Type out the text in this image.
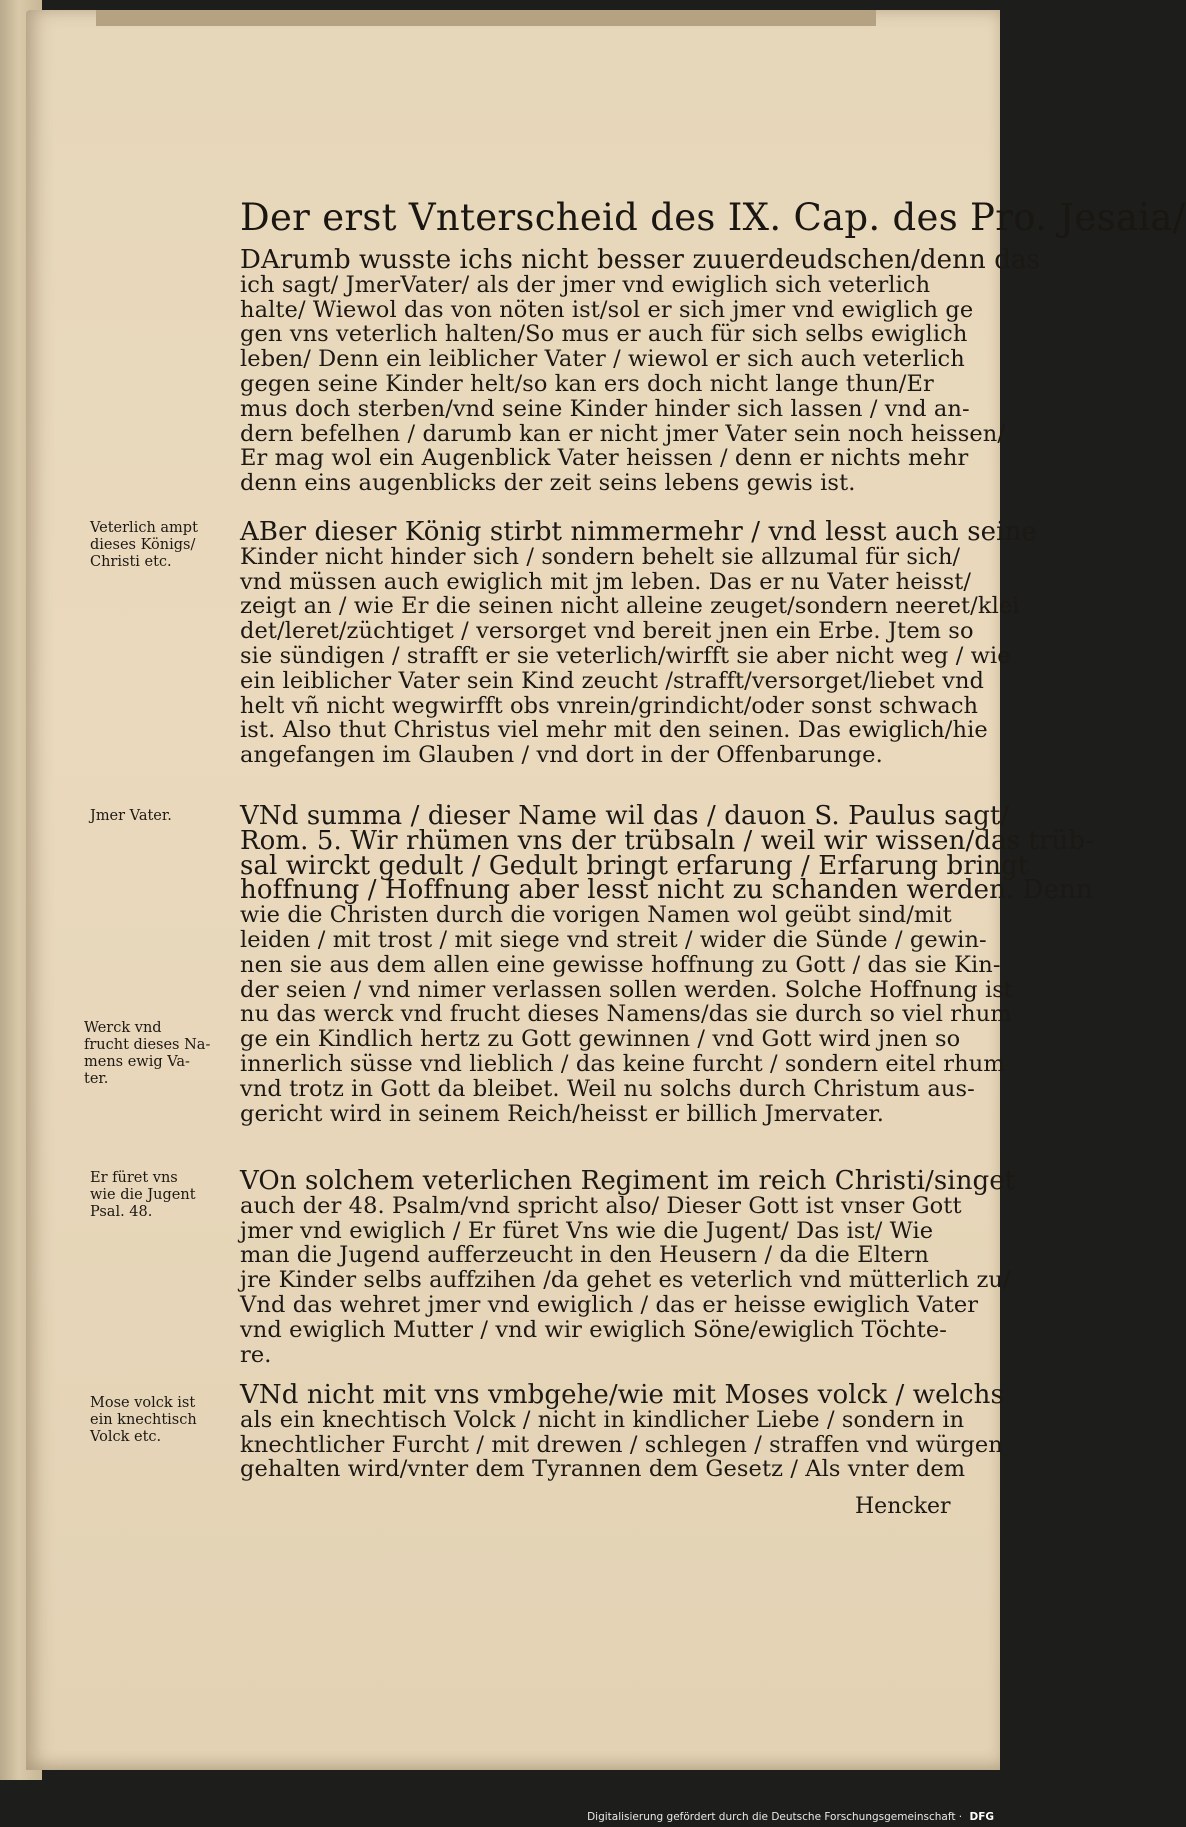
Der erst Vnterscheid des IX. Cap. des Pro. Jesaia/
DArumb wusste ichs nicht besser zuuerdeudschen/denn das
ich sagt/ JmerVater/ als der jmer vnd ewiglich sich veterlich
halte/ Wiewol das von nöten ist/sol er sich jmer vnd ewiglich ge
gen vns veterlich halten/So mus er auch für sich selbs ewiglich
leben/ Denn ein leiblicher Vater / wiewol er sich auch veterlich
gegen seine Kinder helt/so kan ers doch nicht lange thun/Er
mus doch sterben/vnd seine Kinder hinder sich lassen / vnd an-
dern befelhen / darumb kan er nicht jmer Vater sein noch heissen/
Er mag wol ein Augenblick Vater heissen / denn er nichts mehr
denn eins augenblicks der zeit seins lebens gewis ist.
ABer dieser König stirbt nimmermehr / vnd lesst auch seine
Kinder nicht hinder sich / sondern behelt sie allzumal für sich/
vnd müssen auch ewiglich mit jm leben. Das er nu Vater heisst/
zeigt an / wie Er die seinen nicht alleine zeuget/sondern neeret/klei
det/leret/züchtiget / versorget vnd bereit jnen ein Erbe. Jtem so
sie sündigen / strafft er sie veterlich/wirfft sie aber nicht weg / wie
ein leiblicher Vater sein Kind zeucht /strafft/versorget/liebet vnd
helt vñ nicht wegwirfft obs vnrein/grindicht/oder sonst schwach
ist. Also thut Christus viel mehr mit den seinen. Das ewiglich/hie
angefangen im Glauben / vnd dort in der Offenbarunge.
VNd summa / dieser Name wil das / dauon S. Paulus sagt/
Rom. 5. Wir rhümen vns der trübsaln / weil wir wissen/das trüb-
sal wirckt gedult / Gedult bringt erfarung / Erfarung bringt
hoffnung / Hoffnung aber lesst nicht zu schanden werden. Denn
wie die Christen durch die vorigen Namen wol geübt sind/mit
leiden / mit trost / mit siege vnd streit / wider die Sünde / gewin-
nen sie aus dem allen eine gewisse hoffnung zu Gott / das sie Kin-
der seien / vnd nimer verlassen sollen werden. Solche Hoffnung ist
nu das werck vnd frucht dieses Namens/das sie durch so viel rhum
ge ein Kindlich hertz zu Gott gewinnen / vnd Gott wird jnen so
innerlich süsse vnd lieblich / das keine furcht / sondern eitel rhum
vnd trotz in Gott da bleibet. Weil nu solchs durch Christum aus-
gericht wird in seinem Reich/heisst er billich Jmervater.
VOn solchem veterlichen Regiment im reich Christi/singet
auch der 48. Psalm/vnd spricht also/ Dieser Gott ist vnser Gott
jmer vnd ewiglich / Er füret Vns wie die Jugent/ Das ist/ Wie
man die Jugend aufferzeucht in den Heusern / da die Eltern
jre Kinder selbs auffzihen /da gehet es veterlich vnd mütterlich zu/
Vnd das wehret jmer vnd ewiglich / das er heisse ewiglich Vater
vnd ewiglich Mutter / vnd wir ewiglich Söne/ewiglich Töchte-
re.
VNd nicht mit vns vmbgehe/wie mit Moses volck / welchs
als ein knechtisch Volck / nicht in kindlicher Liebe / sondern in
knechtlicher Furcht / mit drewen / schlegen / straffen vnd würgen
gehalten wird/vnter dem Tyrannen dem Gesetz / Als vnter dem
Hencker
Veterlich ampt
dieses Königs/
Christi etc.
Jmer Vater.
Werck vnd
frucht dieses Na-
mens ewig Va-
ter.
Er füret vns
wie die Jugent
Psal. 48.
Mose volck ist
ein knechtisch
Volck etc.
Digitalisierung gefördert durch die Deutsche Forschungsgemeinschaft · DFG
